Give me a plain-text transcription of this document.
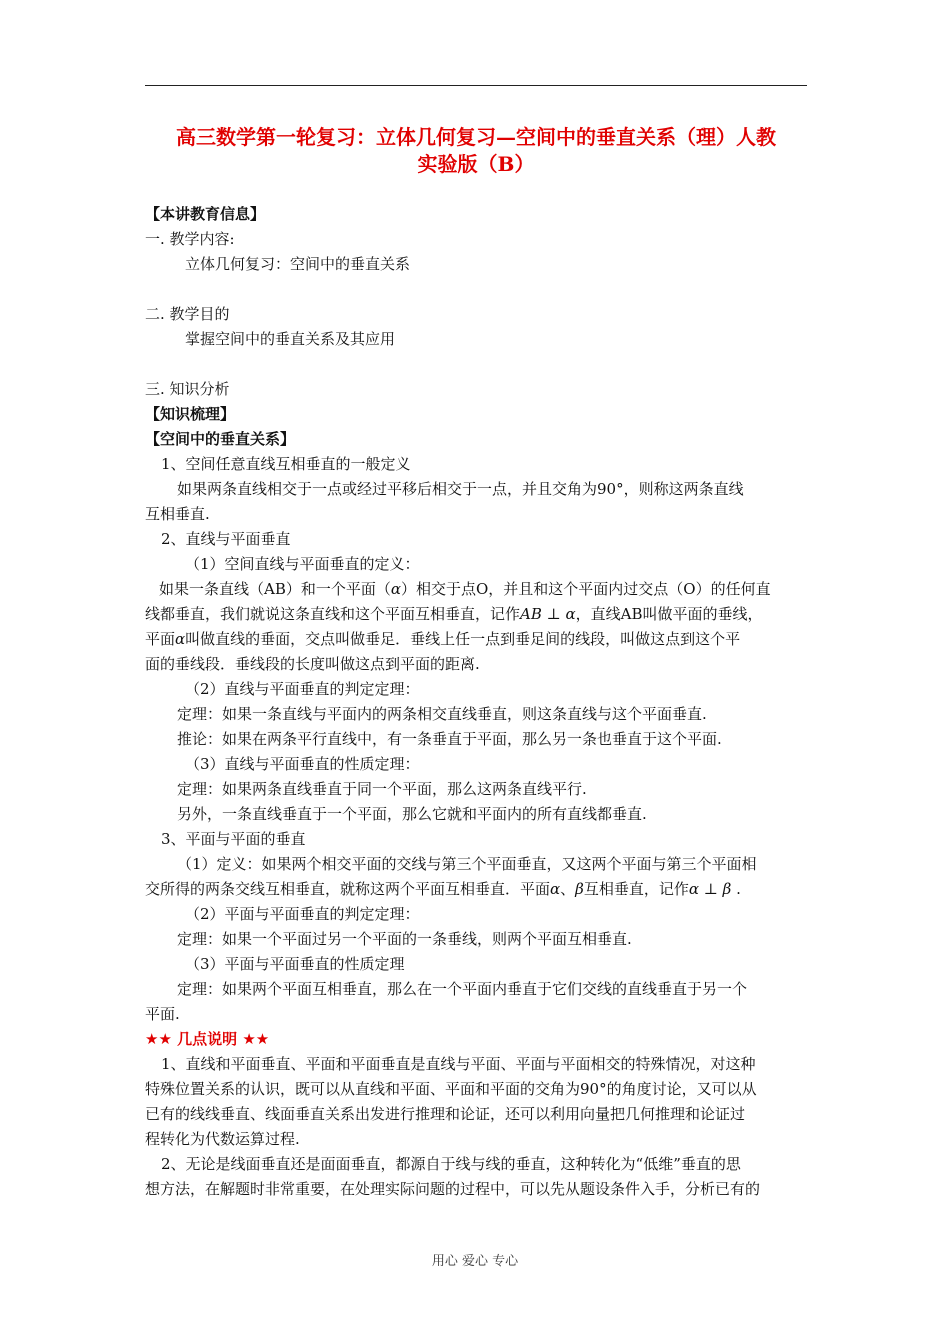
高三数学第一轮复习：立体几何复习—空间中的垂直关系（理）人教
实验版（B）
【本讲教育信息】
一. 教学内容:
立体几何复习：空间中的垂直关系
二. 教学目的
掌握空间中的垂直关系及其应用
三. 知识分析
【知识梳理】
【空间中的垂直关系】
1、空间任意直线互相垂直的一般定义
如果两条直线相交于一点或经过平移后相交于一点，并且交角为90°，则称这两条直线
互相垂直.
2、直线与平面垂直
（1）空间直线与平面垂直的定义：
如果一条直线（AB）和一个平面（α）相交于点O，并且和这个平面内过交点（O）的任何直
线都垂直，我们就说这条直线和这个平面互相垂直，记作AB ⊥ α，直线AB叫做平面的垂线，
平面α叫做直线的垂面，交点叫做垂足．垂线上任一点到垂足间的线段，叫做这点到这个平
面的垂线段．垂线段的长度叫做这点到平面的距离.
（2）直线与平面垂直的判定定理：
定理：如果一条直线与平面内的两条相交直线垂直，则这条直线与这个平面垂直.
推论：如果在两条平行直线中，有一条垂直于平面，那么另一条也垂直于这个平面.
（3）直线与平面垂直的性质定理：
定理：如果两条直线垂直于同一个平面，那么这两条直线平行.
另外，一条直线垂直于一个平面，那么它就和平面内的所有直线都垂直.
3、平面与平面的垂直
（1）定义：如果两个相交平面的交线与第三个平面垂直，又这两个平面与第三个平面相
交所得的两条交线互相垂直，就称这两个平面互相垂直．平面α、β互相垂直，记作α ⊥ β .
（2）平面与平面垂直的判定定理：
定理：如果一个平面过另一个平面的一条垂线，则两个平面互相垂直.
（3）平面与平面垂直的性质定理
定理：如果两个平面互相垂直，那么在一个平面内垂直于它们交线的直线垂直于另一个
平面.
★★ 几点说明 ★★
1、直线和平面垂直、平面和平面垂直是直线与平面、平面与平面相交的特殊情况，对这种
特殊位置关系的认识，既可以从直线和平面、平面和平面的交角为90°的角度讨论，又可以从
已有的线线垂直、线面垂直关系出发进行推理和论证，还可以利用向量把几何推理和论证过
程转化为代数运算过程.
2、无论是线面垂直还是面面垂直，都源自于线与线的垂直，这种转化为“低维”垂直的思
想方法，在解题时非常重要，在处理实际问题的过程中，可以先从题设条件入手，分析已有的
用心 爱心 专心
